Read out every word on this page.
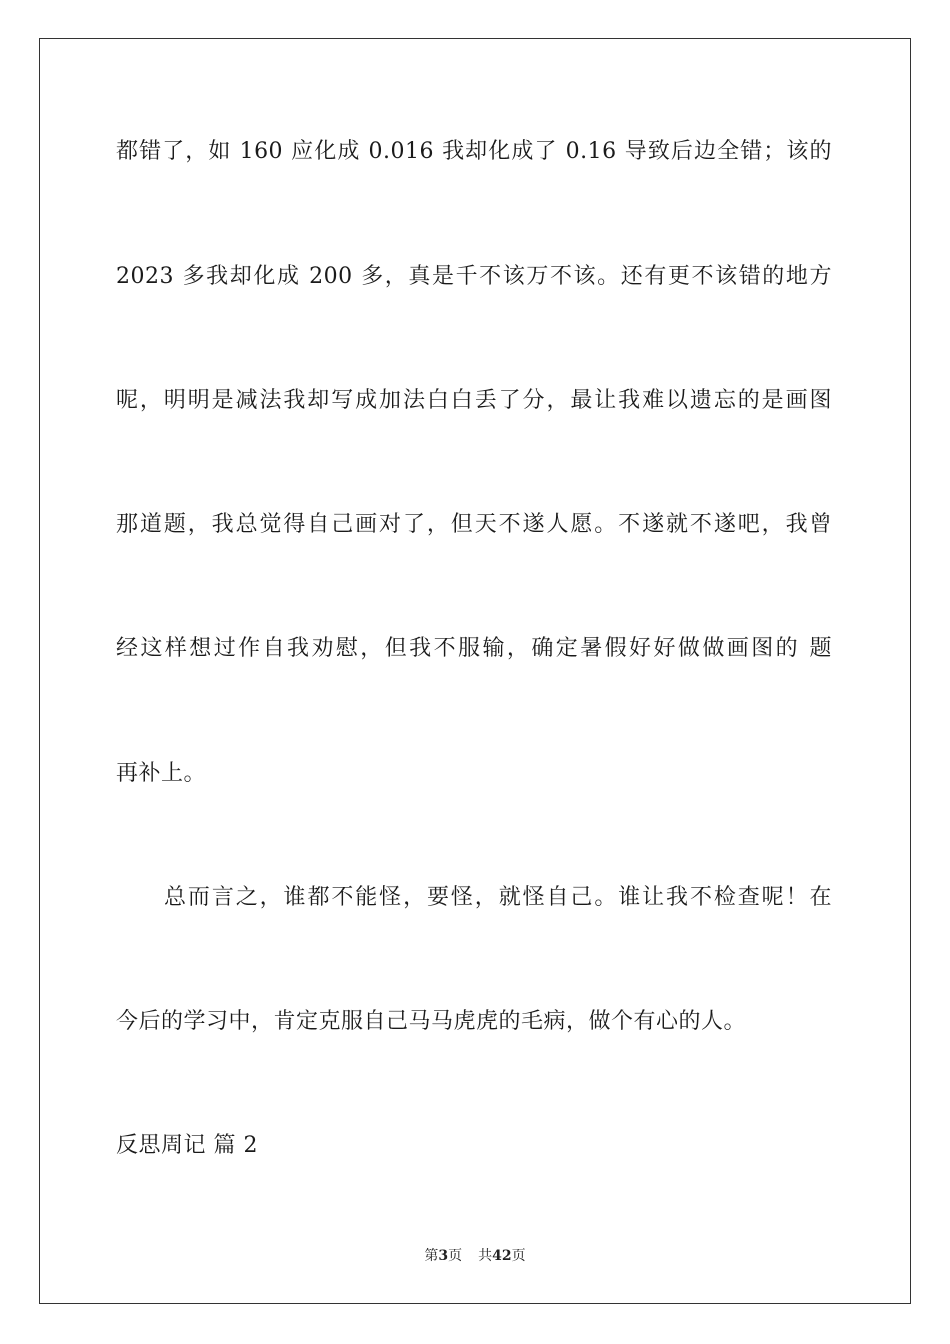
都错了，如 160 应化成 0.016 我却化成了 0.16 导致后边全错；该的
2023 多我却化成 200 多，真是千不该万不该。还有更不该错的地方
呢，明明是减法我却写成加法白白丢了分，最让我难以遗忘的是画图
那道题，我总觉得自己画对了，但天不遂人愿。不遂就不遂吧，我曾
经这样想过作自我劝慰，但我不服输，确定暑假好好做做画图的 题
再补上。
总而言之，谁都不能怪，要怪，就怪自己。谁让我不检查呢！在
今后的学习中，肯定克服自己马马虎虎的毛病，做个有心的人。
反思周记 篇 2
第3页 共42页
